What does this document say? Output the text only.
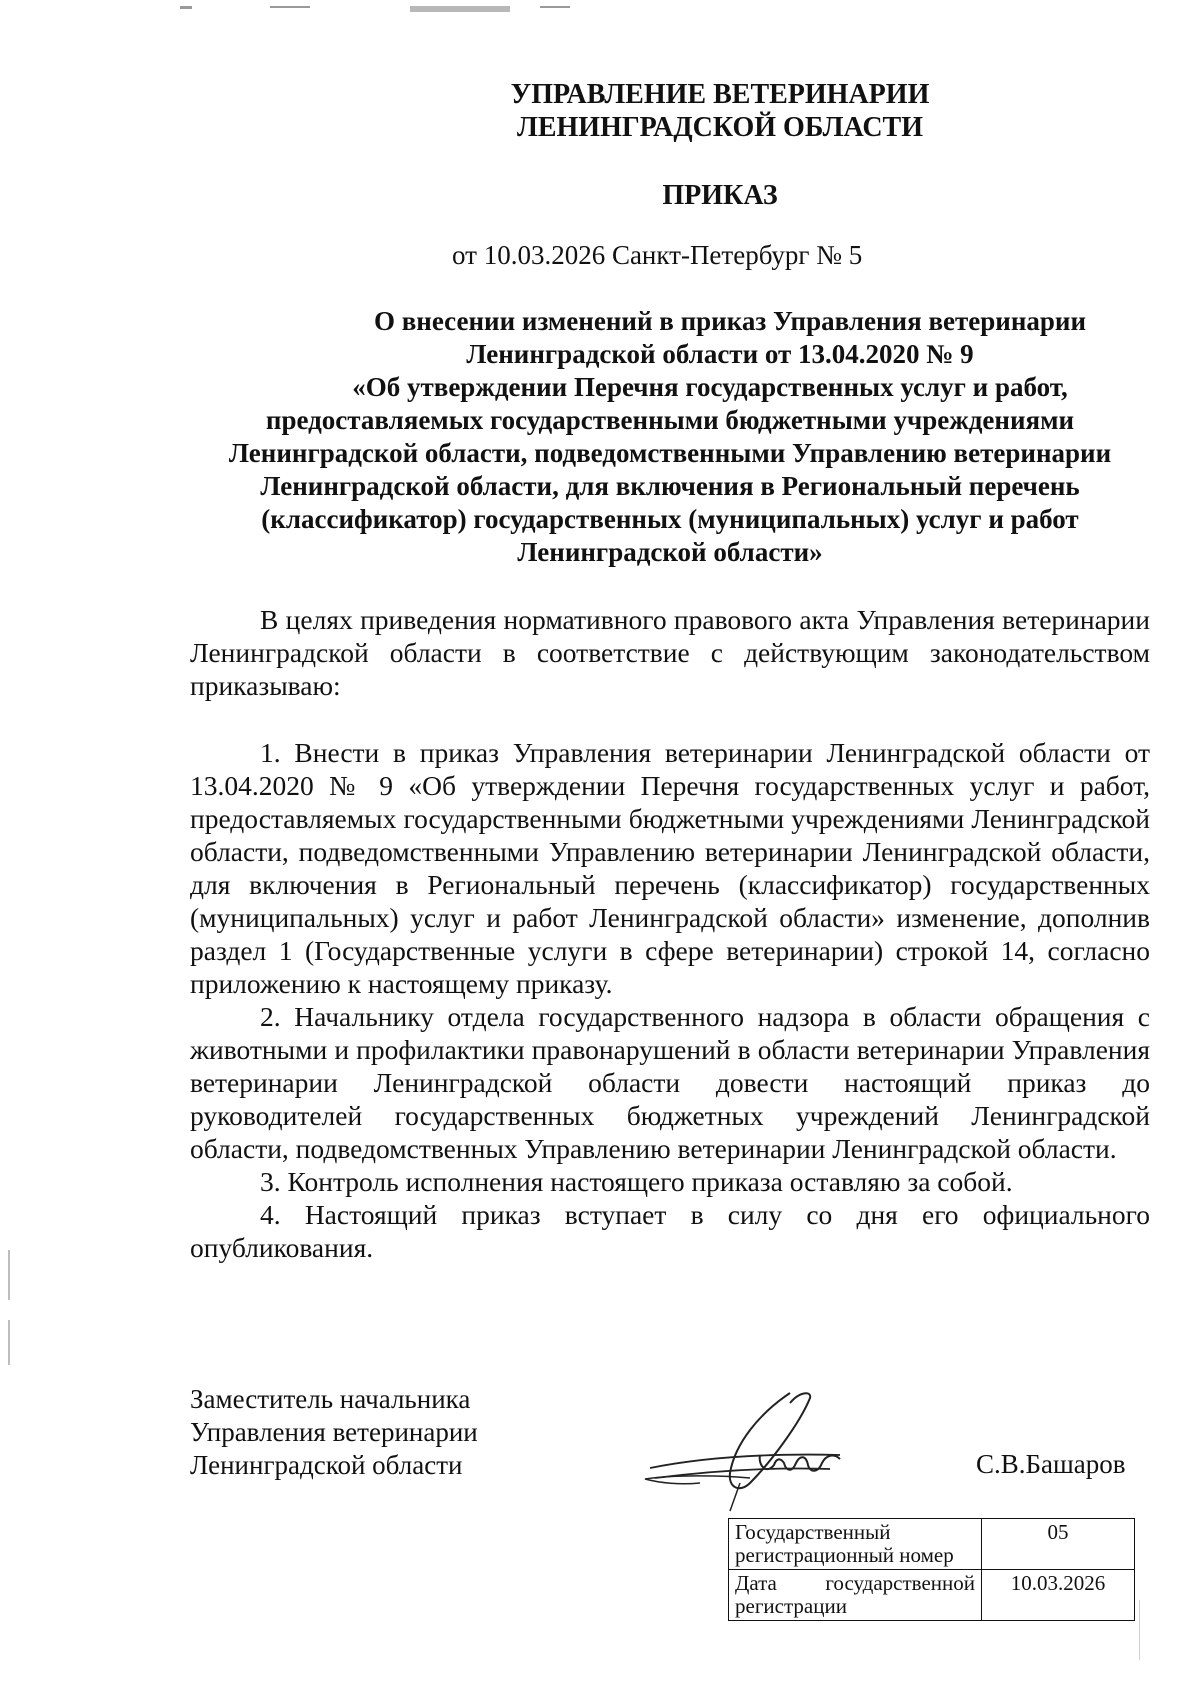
УПРАВЛЕНИЕ ВЕТЕРИНАРИИ
ЛЕНИНГРАДСКОЙ ОБЛАСТИ
ПРИКАЗ
от 10.03.2026 Санкт-Петербург № 5
О внесении изменений в приказ Управления ветеринарии
Ленинградской области от 13.04.2020 № 9
«Об утверждении Перечня государственных услуг и работ,
предоставляемых государственными бюджетными учреждениями
Ленинградской области, подведомственными Управлению ветеринарии
Ленинградской области, для включения в Региональный перечень
(классификатор) государственных (муниципальных) услуг и работ
Ленинградской области»
В целях приведения нормативного правового акта Управления ветеринарии Ленинградской области в соответствие с действующим законодательством приказываю:

1. Внести в приказ Управления ветеринарии Ленинградской области от 13.04.2020 № 9 «Об утверждении Перечня государственных услуг и работ, предоставляемых государственными бюджетными учреждениями Ленинградской области, подведомственными Управлению ветеринарии Ленинградской области, для включения в Региональный перечень (классификатор) государственных (муниципальных) услуг и работ Ленинградской области» изменение, дополнив раздел 1 (Государственные услуги в сфере ветеринарии) строкой 14, согласно приложению к настоящему приказу.

2. Начальнику отдела государственного надзора в области обращения с животными и профилактики правонарушений в области ветеринарии Управления ветеринарии Ленинградской области довести настоящий приказ до руководителей государственных бюджетных учреждений Ленинградской области, подведомственных Управлению ветеринарии Ленинградской области.

3. Контроль исполнения настоящего приказа оставляю за собой.

4. Настоящий приказ вступает в силу со дня его официального опубликования.

Заместитель начальника
Управления ветеринарии
Ленинградской области	С.В.Башаров
Государственный регистрационный номер	05
Дата государственной регистрации	10.03.2026
